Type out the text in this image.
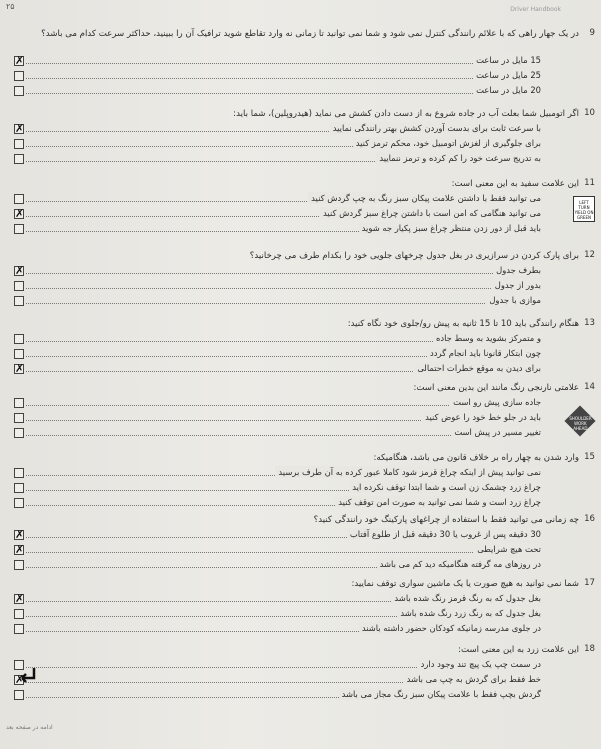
۲۵	Driver Handbook
9
در یک جهار راهی که با علائم رانندگی کنترل نمی شود و شما نمی توانید تا زمانی نه وارد تقاطع شوید ترافیک آن را ببینید، حداکثر سرعت کدام می باشد؟
15 مایل در ساعت
✗
25 مایل در ساعت
20 مایل در ساعت
10
اگر اتومبیل شما بعلت آب در جاده شروع به از دست دادن کشش می نماید (هیدروپلین)، شما باید:
با سرعت ثابت برای بدست آوردن کشش بهتر رانندگی نمایید
✗
برای جلوگیری از لغزش اتومبیل خود، محکم ترمز کنید
به تدریج سرعت خود را کم کرده و ترمز ننمایید
11
این علامت سفید به این معنی است:
می توانید فقط با داشتن علامت پیکان سبز رنگ به چپ گردش کنید
می توانید هنگامی که امن است با داشتن چراغ سبز گردش کنید
✗
باید قبل از دور زدن منتظر چراغ سبز پکیار جه شوید
12
برای پارک کردن در سرازیری در بغل جدول چرخهای جلویی خود را بکدام طرف می چرخانید؟
بطرف جدول
✗
بدور از جدول
موازی با جدول
13
هنگام رانندگی باید 10 تا 15 ثانیه به پیش رو/جلوی خود نگاه کنید:
و متمرکز بشوید به وسط جاده
چون ابتکار قانونا باید انجام گردد
برای دیدن به موقع خطرات احتمالی
✗
14
علامتی نارنجی رنگ مانند این بدین معنی است:
جاده سازی پیش رو است
باید در جلو خط خود را عوض کنید
تغییر مسیر در پیش است
15
وارد شدن به چهار راه بر خلاف قانون می باشد، هنگامیکه:
نمی توانید پیش از اینکه چراغ قرمز شود کاملا عبور کرده به آن طرف برسید
چراغ زرد چشمک زن است و شما ابتدا توقف نکرده اید
چراغ زرد است و شما نمی توانید به صورت امن توقف کنید
16
چه زمانی می توانید فقط با استفاده از چراغهای پارکینگ خود رانندگی کنید؟
30 دقیقه پس از غروب یا 30 دقیقه قبل از طلوع آفتاب
✗
تحت هیچ شرایطی
✗
در روزهای مه گرفته هنگامیکه دید کم می باشد
17
شما نمی توانید به هیچ صورت یا یک ماشین سواری توقف نمایید:
بغل جدول که به رنگ قرمز رنگ شده باشد
✗
بغل جدول که به رنگ زرد رنگ شده باشد
در جلوی مدرسه زمانیکه کودکان حضور داشته باشند
18
این علامت زرد به این معنی است:
در سمت چپ یک پیچ تند وجود دارد
خط فقط برای گردش به چپ می باشد
✗
گردش بچپ فقط با علامت پیکان سبز رنگ مجاز می باشد
LEFT TURN YIELD ON GREEN
SHOULDER WORK AHEAD
ادامه در صفحه بعد
